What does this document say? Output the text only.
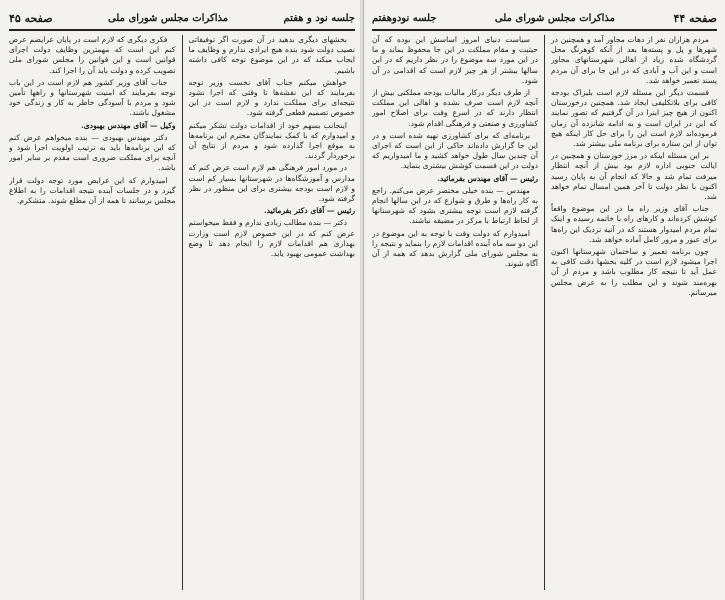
صفحه ۴۴
مذاکرات مجلس شورای ملی
جلسه نودوهفتم

مردم هزاران نفر از دهات مجاور آمد و همچنین در شهرها و پل و پسته‌ها بعد از آنکه کوهرنگ محل گردشگاه شده زیاد از اهالی شهرستانهای مجاور است و این آب و آبادی که در این جا برای آن مردم پسند تعمیر خواهد شد.

قسمت دیگر این مسئله لازم است بلیزاک بودجه کافی برای بلاتکلیفی ایجاد شد. همچنین درخوزستان اکنون از هیچ چیز اینرا در آن گرفتیم که تصور نمایند که این در ایران است و به ادامه شانزده آن زمان فرموده‌اند لازم است این را برای حل کار اینکه هیچ توان از این ستاره برای برنامه ملی بیشتر شد.

بر این مسئله اینکه در مرز خوزستان و همچنین در ایالت جنوبی اداره لازم بود بیش از آنچه انتظار میرفت تمام شد و حالا که انجام آن به پایان رسید اکنون با نظر دولت تا آخر همین امسال تمام خواهد شد.

جناب آقای وزیر راه ما در این موضوع واقعاً کوشش کرده‌اند و کارهای راه با خاتمه رسیده و اینک تمام مردم امیدوار هستند که در آتیه نزدیک این راه‌ها برای عبور و مرور کامل آماده خواهد شد.

چون برنامه تعمیر و ساختمان شهرستانها اکنون اجرا میشود لازم است در کلیه بخشها دقت کافی به عمل آید تا نتیجه کار مطلوب باشد و مردم از آن بهره‌مند شوند و این مطلب را به عرض مجلس میرسانم.

سیاست دنیای امروز اساسش این بوده که آن حیثیت و مقام مملکت در این جا محفوظ بماند و ما در این مورد سه موضوع را در نظر داریم که در این سالها بیشتر از هر چیز لازم است که اقدامی در آن شود.

از طرف دیگر درکار مالیات بودجه مملکتی بیش از آنچه لازم است صرف نشده و اهالی این مملکت انتظار دارند که در اسرع وقت برای اصلاح امور کشاورزی و صنعتی و فرهنگی اقدام شود.

برنامه‌ای که برای کشاورزی تهیه شده است و در این جا گزارش داده‌اند حاکی از این است که اجرای آن چندین سال طول خواهد کشید و ما امیدواریم که دولت در این قسمت کوشش بیشتری بنماید.

رئیس — آقای مهندس بفرمائید.

مهندس — بنده خیلی مختصر عرض می‌کنم. راجع به کار راه‌ها و طرق و شوارع که در این سالها انجام گرفته لازم است توجه بیشتری بشود که شهرستانها از لحاظ ارتباط با مرکز در مضیقه نباشند.

امیدوارم که دولت وقت با توجه به این موضوع در این دو سه ماه آینده اقدامات لازم را بنماید و نتیجه را به مجلس شورای ملی گزارش بدهد که همه از آن آگاه شوند.

جلسه نود و هفتم
مذاکرات مجلس شورای ملی
صفحه ۴۵

بخشهای دیگری بدهید در آن صورت اگر توفیقاتی نصیب دولت شود بنده هیچ ایرادی ندارم و وظایف ما ایجاب میکند که در این موضوع توجه کافی داشته باشیم.

خواهش میکنم جناب آقای نخست وزیر توجه بفرمایند که این نقشه‌ها تا وقتی که اجرا نشود نتیجه‌ای برای مملکت ندارد و لازم است در این خصوص تصمیم قطعی گرفته شود.

اینجانب بسهم خود از اقدامات دولت تشکر میکنم و امیدوارم که با کمک نمایندگان محترم این برنامه‌ها به موقع اجرا گذارده شود و مردم از نتایج آن برخوردار گردند.

در مورد امور فرهنگی هم لازم است عرض کنم که مدارس و آموزشگاه‌ها در شهرستانها بسیار کم است و لازم است بودجه بیشتری برای این منظور در نظر گرفته شود.

رئیس — آقای دکتر بفرمائید.

دکتر — بنده مطالب زیادی ندارم و فقط میخواستم عرض کنم که در این خصوص لازم است وزارت بهداری هم اقدامات لازم را انجام دهد تا وضع بهداشت عمومی بهبود یابد.

فکری دیگری که لازم است در پایان عرایضم عرض کنم این است که مهمترین وظایف دولت اجرای قوانین است و این قوانین را مجلس شورای ملی تصویب کرده و دولت باید آن را اجرا کند.

جناب آقای وزیر کشور هم لازم است در این باب توجه بفرمایند که امنیت شهرستانها و راهها تأمین شود و مردم با آسودگی خاطر به کار و زندگی خود مشغول باشند.

وکیل — آقای مهندس بهبودی.

دکتر مهندس بهبودی — بنده میخواهم عرض کنم که این برنامه‌ها باید به ترتیب اولویت اجرا شود و آنچه برای مملکت ضروری است مقدم بر سایر امور باشد.

امیدوارم که این عرایض مورد توجه دولت قرار گیرد و در جلسات آینده نتیجه اقدامات را به اطلاع مجلس برسانند تا همه از آن مطلع شوند. متشکرم.
